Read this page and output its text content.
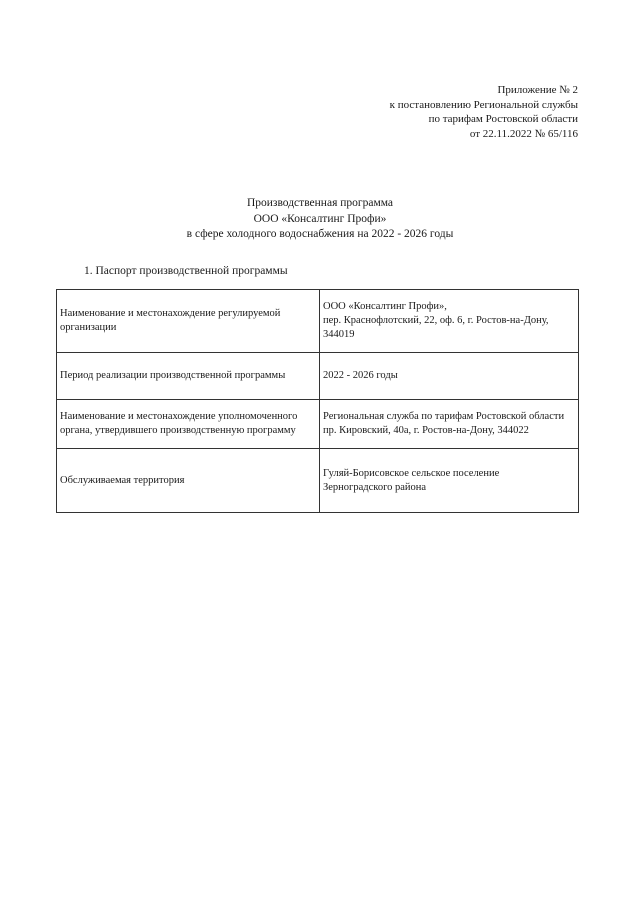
Приложение № 2
к постановлению Региональной службы
по тарифам Ростовской области
от 22.11.2022 № 65/116
Производственная программа
ООО «Консалтинг Профи»
в сфере холодного водоснабжения на 2022 - 2026 годы
1. Паспорт производственной программы
Наименование и местонахождение регулируемой организации	ООО «Консалтинг Профи»,
пер. Краснофлотский, 22, оф. 6, г. Ростов-на-Дону,
344019

Период реализации производственной программы	2022 - 2026 годы

Наименование и местонахождение уполномоченного органа, утвердившего производственную программу	Региональная служба по тарифам Ростовской области
пр. Кировский, 40а, г. Ростов-на-Дону, 344022

Обслуживаемая территория	Гуляй-Борисовское сельское поселение
Зерноградского района
